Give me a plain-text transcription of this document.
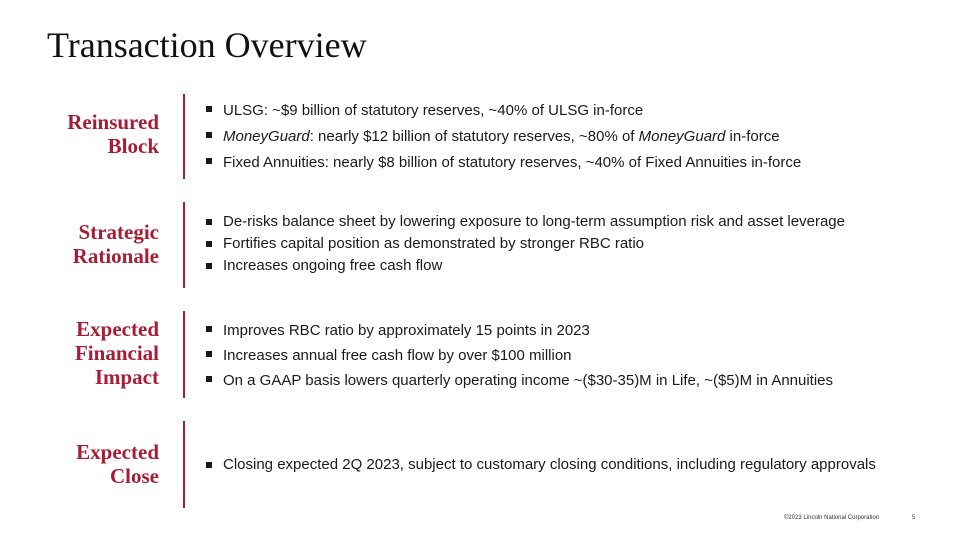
Transaction Overview
Reinsured
Block
ULSG: ~$9 billion of statutory reserves, ~40% of ULSG in-force
MoneyGuard: nearly $12 billion of statutory reserves, ~80% of MoneyGuard in-force
Fixed Annuities: nearly $8 billion of statutory reserves, ~40% of Fixed Annuities in-force
Strategic
Rationale
De-risks balance sheet by lowering exposure to long-term assumption risk and asset leverage
Fortifies capital position as demonstrated by stronger RBC ratio
Increases ongoing free cash flow
Expected
Financial
Impact
Improves RBC ratio by approximately 15 points in 2023
Increases annual free cash flow by over $100 million
On a GAAP basis lowers quarterly operating income ~($30-35)M in Life, ~($5)M in Annuities
Expected
Close	Closing expected 2Q 2023, subject to customary closing conditions, including regulatory approvals
©2023 Lincoln National Corporation	5
